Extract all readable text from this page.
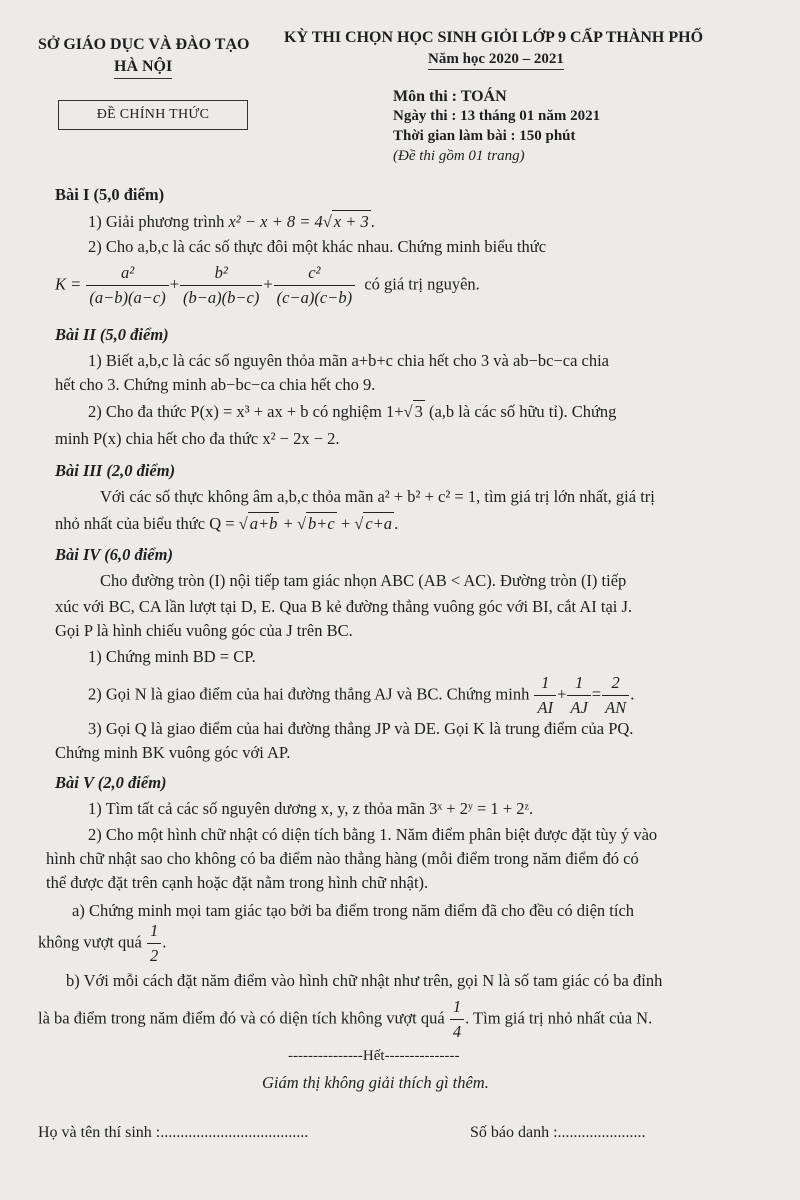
SỞ GIÁO DỤC VÀ ĐÀO TẠO
HÀ NỘI
KỲ THI CHỌN HỌC SINH GIỎI LỚP 9 CẤP THÀNH PHỐ
Năm học 2020 – 2021
ĐỀ CHÍNH THỨC
Môn thi : TOÁN
Ngày thi : 13 tháng 01 năm 2021
Thời gian làm bài : 150 phút
(Đề thi gồm 01 trang)
Bài I (5,0 điểm)
1) Giải phương trình x² − x + 8 = 4 √ x + 3 .
2) Cho a,b,c là các số thực đôi một khác nhau. Chứng minh biểu thức
$K = \frac{\text{a²}}{(a-b)(a-c)} + \frac{\text{b²}}{(b-a)(b-c)} + \frac{\text{c²}}{(c-a)(c-b)}$ có giá trị nguyên.
Bài II (5,0 điểm)
1) Biết a,b,c là các số nguyên thỏa mãn a+b+c chia hết cho 3 và ab−bc−ca chia
hết cho 3. Chứng minh ab−bc−ca chia hết cho 9.
2) Cho đa thức P(x) = x³ + ax + b có nghiệm 1+ √ 3 (a,b là các số hữu tỉ). Chứng
minh P(x) chia hết cho đa thức x² − 2x − 2.
Bài III (2,0 điểm)
Với các số thực không âm a,b,c thỏa mãn a² + b² + c² = 1, tìm giá trị lớn nhất, giá trị
nhỏ nhất của biểu thức Q = √ a+b + √ b+c + √ c+a .
Bài IV (6,0 điểm)
Cho đường tròn (I) nội tiếp tam giác nhọn ABC (AB < AC). Đường tròn (I) tiếp
xúc với BC, CA lần lượt tại D, E. Qua B kẻ đường thẳng vuông góc với BI, cắt AI tại J.
Gọi P là hình chiếu vuông góc của J trên BC.
1) Chứng minh BD = CP.
2) Gọi N là giao điểm của hai đường thẳng AJ và BC. Chứng minh $\frac{1}{AI} + \frac{1}{AJ} = \frac{2}{AN}$ .
3) Gọi Q là giao điểm của hai đường thẳng JP và DE. Gọi K là trung điểm của PQ.
Chứng minh BK vuông góc với AP.
Bài V (2,0 điểm)
1) Tìm tất cả các số nguyên dương x, y, z thỏa mãn 3ˣ + 2ʸ = 1 + 2ᶻ.
2) Cho một hình chữ nhật có diện tích bằng 1. Năm điểm phân biệt được đặt tùy ý vào
hình chữ nhật sao cho không có ba điểm nào thẳng hàng (mỗi điểm trong năm điểm đó có
thể được đặt trên cạnh hoặc đặt nằm trong hình chữ nhật).
a) Chứng minh mọi tam giác tạo bởi ba điểm trong năm điểm đã cho đều có diện tích
không vượt quá $\frac{1}{2}$ .
b) Với mỗi cách đặt năm điểm vào hình chữ nhật như trên, gọi N là số tam giác có ba đỉnh
là ba điểm trong năm điểm đó và có diện tích không vượt quá $\frac{1}{4}$ . Tìm giá trị nhỏ nhất của N.
---------------Hết---------------
Giám thị không giải thích gì thêm.
Họ và tên thí sinh :.....................................	Số báo danh :......................
